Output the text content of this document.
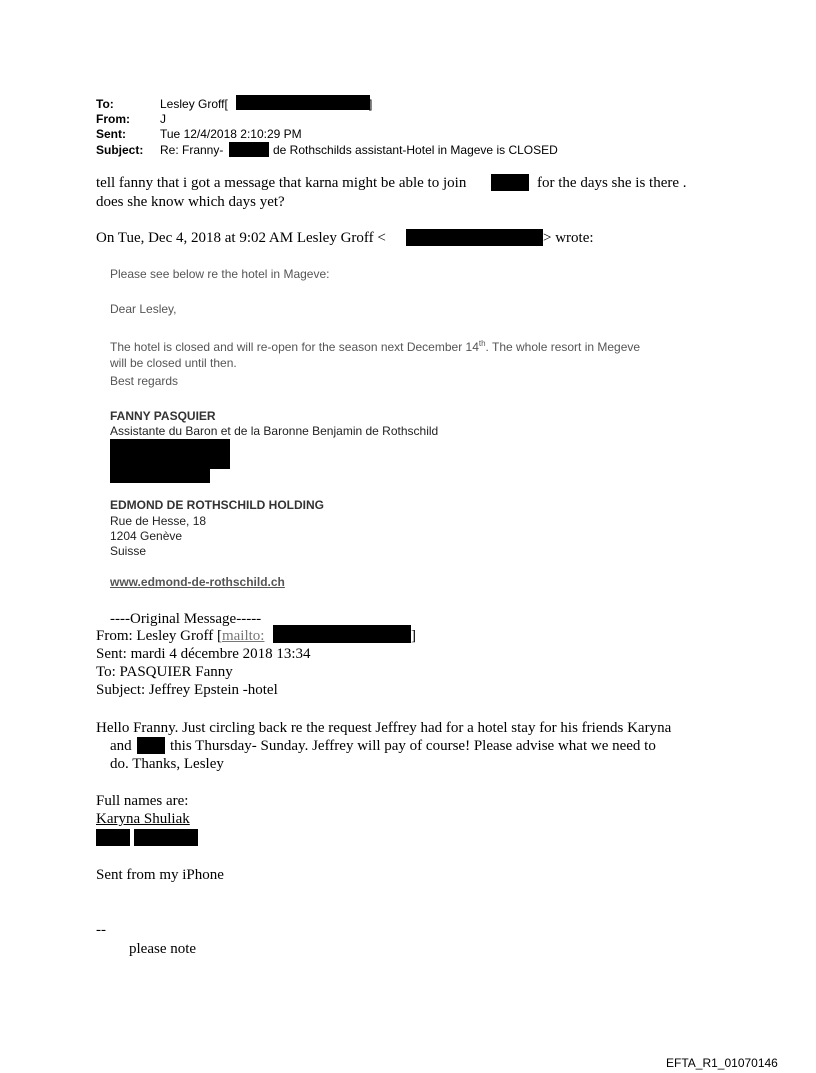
To:	Lesley Groff[	]
From:	J
Sent:	Tue 12/4/2018 2:10:29 PM
Subject: Re: Franny-	de Rothschilds assistant-Hotel in Mageve is CLOSED
tell fanny that i got a message that karna might be able to join	for the days she is there .
does she know which days yet?
On Tue, Dec 4, 2018 at 9:02 AM Lesley Groff <	> wrote:
Please see below re the hotel in Mageve:
Dear Lesley,
The hotel is closed and will re-open for the season next December 14th. The whole resort in Megeve
will be closed until then.
Best regards
FANNY PASQUIER
Assistante du Baron et de la Baronne Benjamin de Rothschild
EDMOND DE ROTHSCHILD HOLDING
Rue de Hesse, 18
1204 Genève
Suisse
www.edmond-de-rothschild.ch
----Original Message-----
From: Lesley Groff [mailto:	]
Sent: mardi 4 décembre 2018 13:34
To: PASQUIER Fanny
Subject: Jeffrey Epstein -hotel
Hello Franny. Just circling back re the request Jeffrey had for a hotel stay for his friends Karyna
and	this Thursday- Sunday. Jeffrey will pay of course! Please advise what we need to
do. Thanks, Lesley
Full names are:
Karyna Shuliak
Sent from my iPhone
--
please note
EFTA_R1_01070146
